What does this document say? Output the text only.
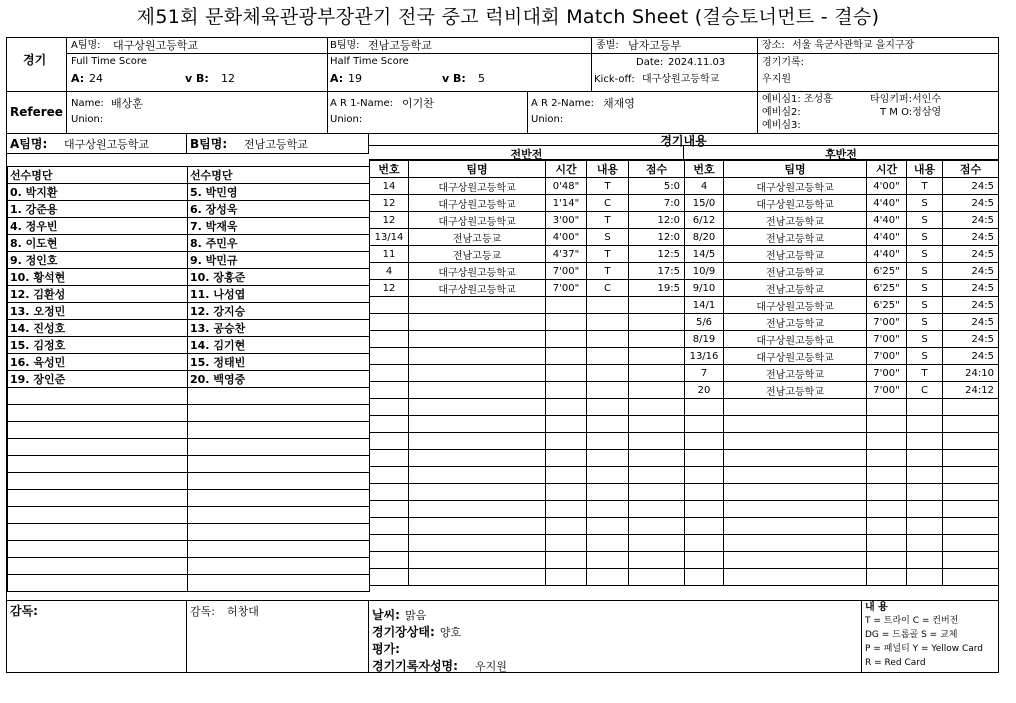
제51회 문화체육관광부장관기 전국 중고 럭비대회 Match Sheet (결승토너먼트 - 결승)
경기
A팀명: 대구상원고등학교	B팀명: 전남고등학교	종별: 남자고등부	장소: 서울 육군사관학교 을지구장
Full Time Score
A: 24	v B: 12
Half Time Score
A: 19	v B: 5
Date: 2024.11.03
Kick-off: 대구상원고등학교
경기기록:
우지원
Referee
Name: 배상훈
Union:
A R 1-Name: 이기찬
Union:
A R 2-Name: 채재영
Union:
예비심1: 조성흥
예비심2:
예비심3:
타임키퍼:서인수
T M O:정삼영
A팀명: 대구상원고등학교	B팀명: 전남고등학교	경기내용
전반전	후반전
선수명단	선수명단
0. 박지환	5. 박민영
1. 강준용	6. 장성욱
4. 정우빈	7. 박재욱
8. 이도현	8. 주민우
9. 정인호	9. 박민규
10. 황석현	10. 장홍준
12. 김환성	11. 나성엽
13. 오정민	12. 강지승
14. 진성호	13. 공승찬
15. 김정호	14. 김기현
16. 육성민	15. 정태빈
19. 장인준	20. 백영중

번호	팀명	시간	내용	점수
14	대구상원고등학교	0'48"	T	5:0
12	대구상원고등학교	1'14"	C	7:0
12	대구상원고등학교	3'00"	T	12:0
13/14	전남고등교	4'00"	S	12:0
11	전남고등교	4'37"	T	12:5
4	대구상원고등학교	7'00"	T	17:5
12	대구상원고등학교	7'00"	C	19:5

번호	팀명	시간	내용	점수
4	대구상원고등학교	4'00"	T	24:5
15/0	대구상원고등학교	4'40"	S	24:5
6/12	전남고등학교	4'40"	S	24:5
8/20	전남고등학교	4'40"	S	24:5
14/5	전남고등학교	4'40"	S	24:5
10/9	전남고등학교	6'25"	S	24:5
9/10	전남고등학교	6'25"	S	24:5
14/1	대구상원고등학교	6'25"	S	24:5
5/6	전남고등학교	7'00"	S	24:5
8/19	대구상원고등학교	7'00"	S	24:5
13/16	대구상원고등학교	7'00"	S	24:5
7	전남고등학교	7'00"	T	24:10
20	전남고등학교	7'00"	C	24:12

감독:	감독: 허창대	날씨: 맑음
경기장상태: 양호
평가:
경기기록자성명: 우지원
내 용
T = 트라이 C = 컨버전
DG = 드롭골 S = 교체
P = 패널티 Y = Yellow Card
R = Red Card
